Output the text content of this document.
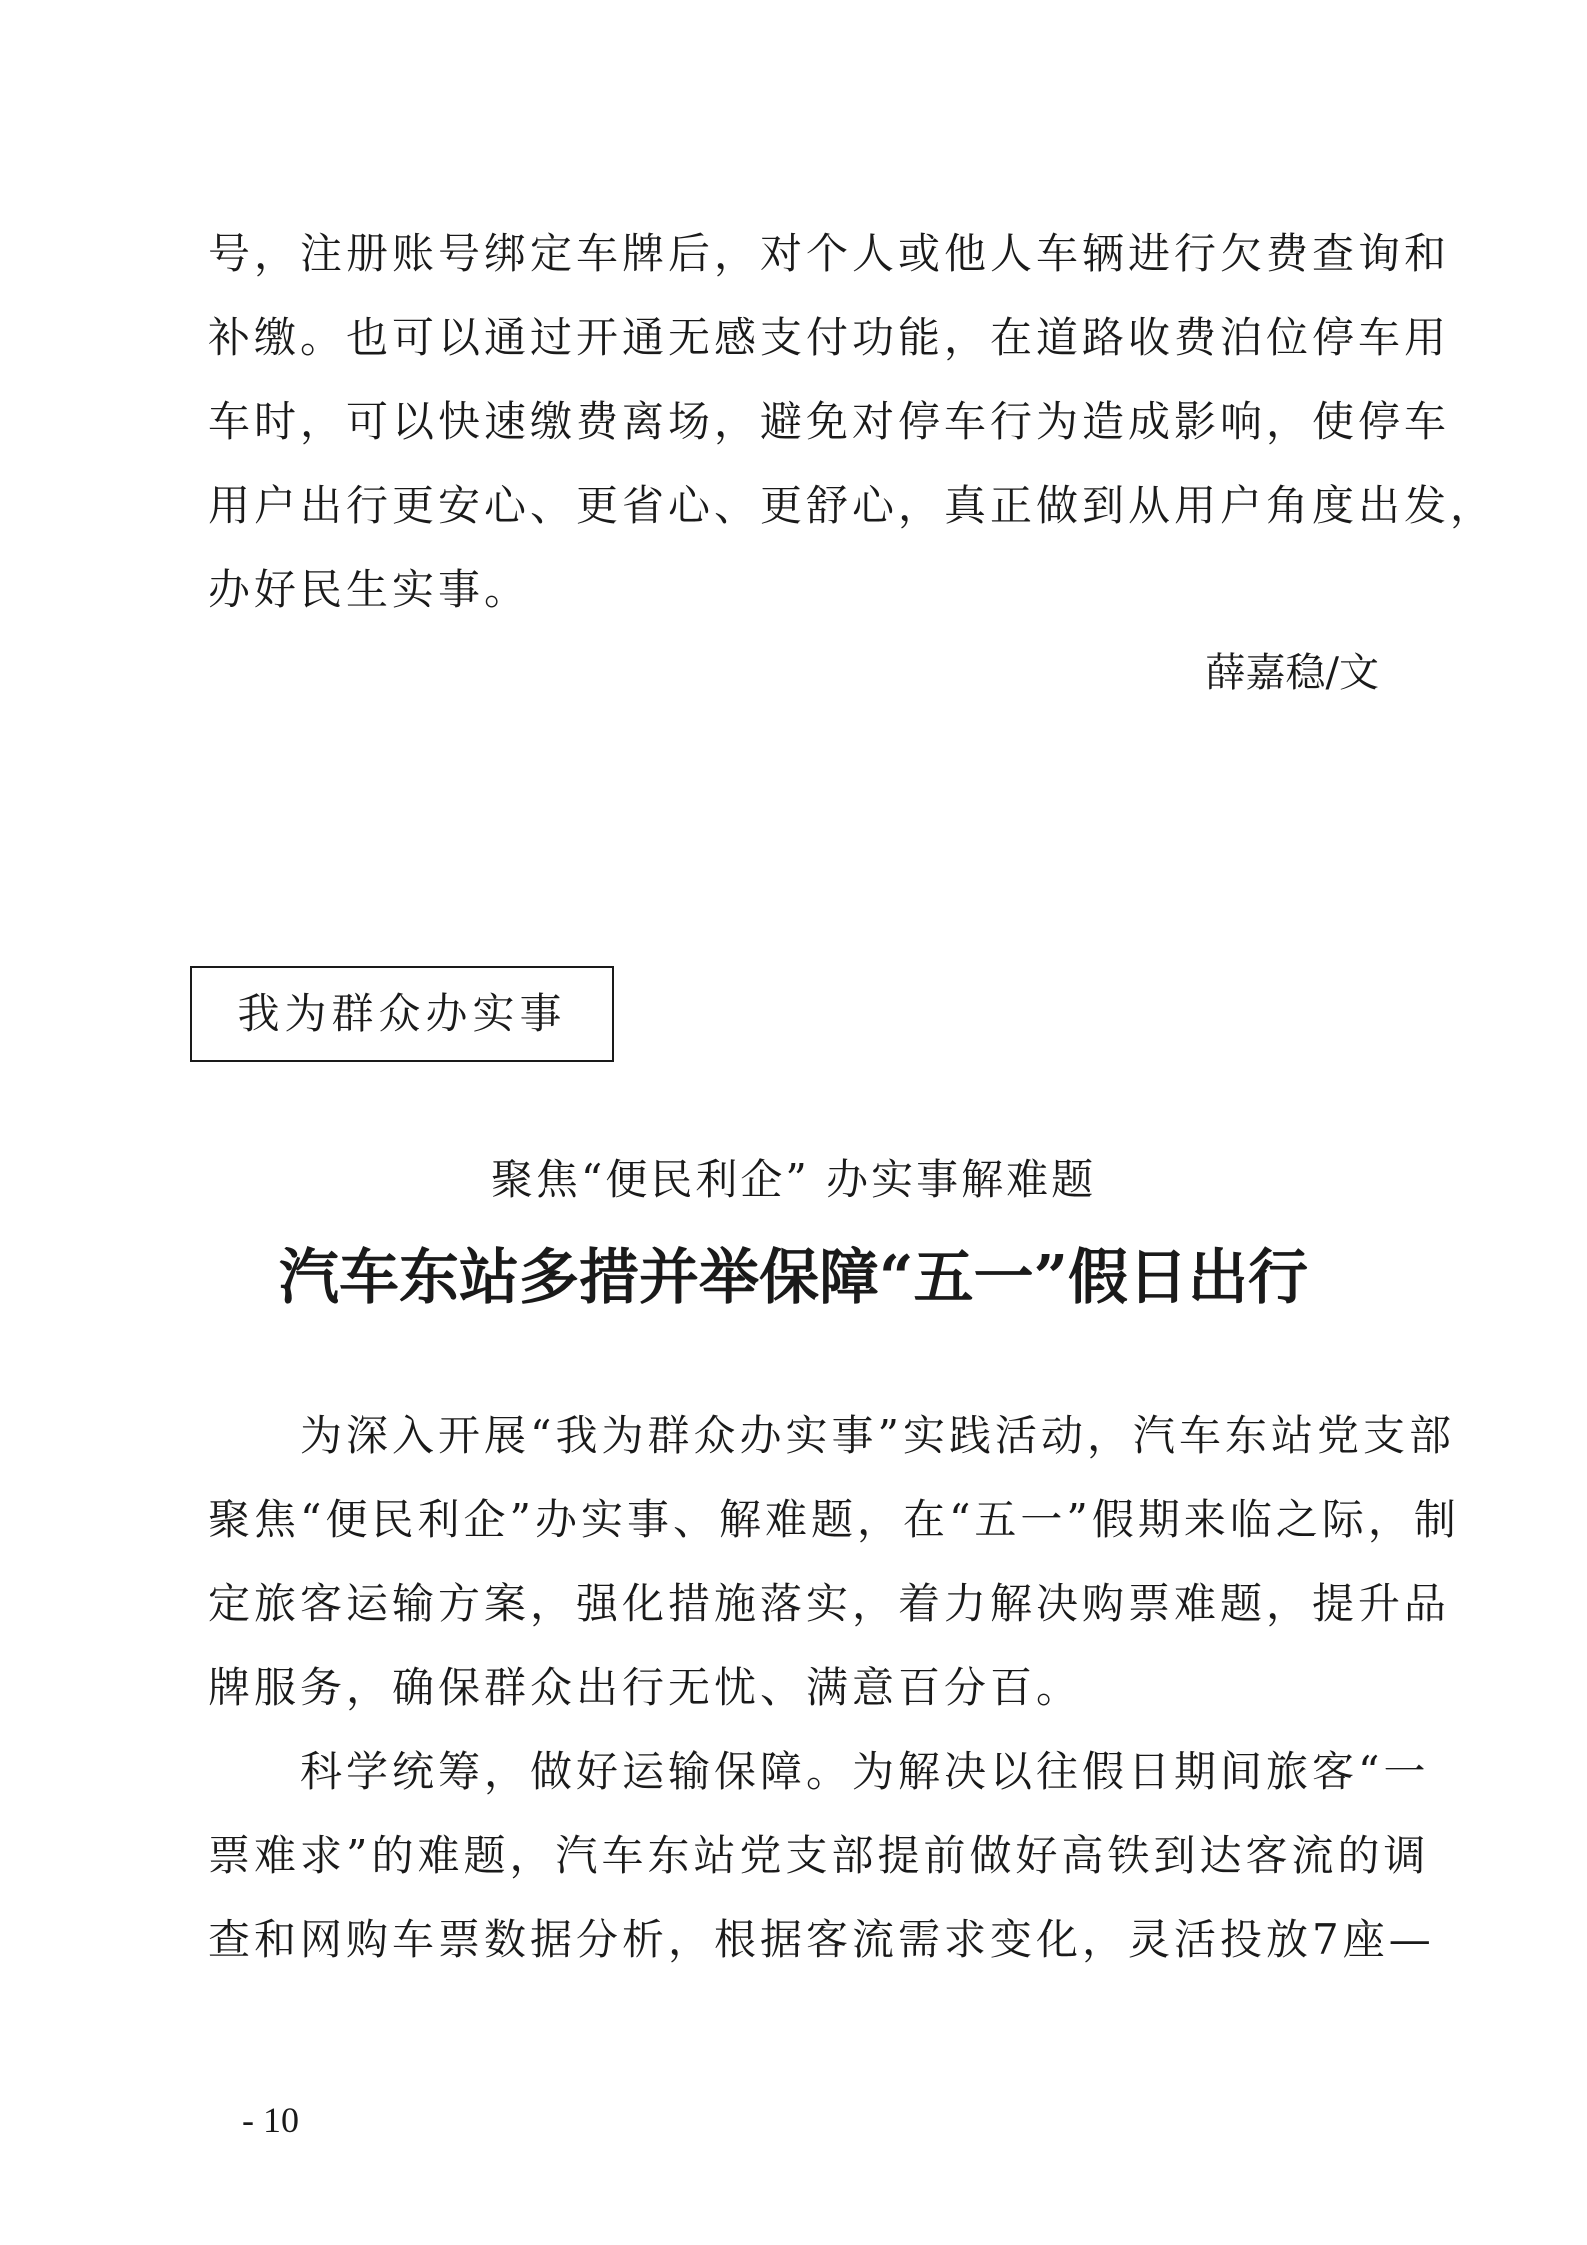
号，注册账号绑定车牌后，对个人或他人车辆进行欠费查询和

补缴。也可以通过开通无感支付功能，在道路收费泊位停车用

车时，可以快速缴费离场，避免对停车行为造成影响，使停车

用户出行更安心、更省心、更舒心，真正做到从用户角度出发，

办好民生实事。

薛嘉稳/文
我为群众办实事
聚焦“便民利企” 办实事解难题
汽车东站多措并举保障“五一”假日出行

　　为深入开展“我为群众办实事”实践活动，汽车东站党支部

聚焦“便民利企”办实事、解难题，在“五一”假期来临之际，制

定旅客运输方案，强化措施落实，着力解决购票难题，提升品

牌服务，确保群众出行无忧、满意百分百。

　　科学统筹，做好运输保障。为解决以往假日期间旅客“一

票难求”的难题，汽车东站党支部提前做好高铁到达客流的调

查和网购车票数据分析，根据客流需求变化，灵活投放7座—

- 10
